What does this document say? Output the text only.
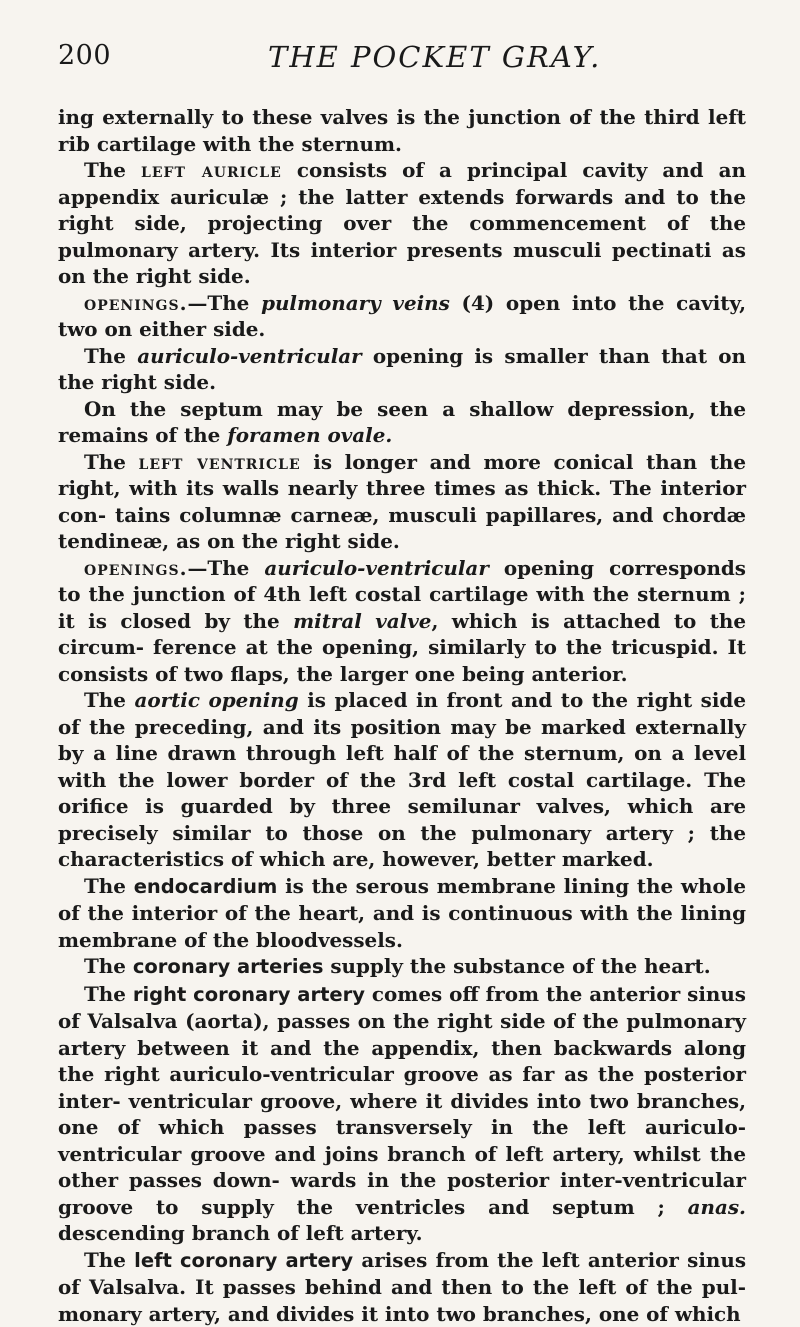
200	THE POCKET GRAY.

ing externally to these valves is the junction of the third left rib cartilage with the sternum.

The left auricle consists of a principal cavity and an appendix auriculæ ; the latter extends forwards and to the right side, projecting over the commencement of the pulmonary artery. Its interior presents musculi pectinati as on the right side.

openings.—The pulmonary veins (4) open into the cavity, two on either side.

The auriculo-ventricular opening is smaller than that on the right side.

On the septum may be seen a shallow depression, the remains of the foramen ovale.

The left ventricle is longer and more conical than the right, with its walls nearly three times as thick. The interior con- tains columnæ carneæ, musculi papillares, and chordæ tendineæ, as on the right side.

openings.—The auriculo-ventricular opening corresponds to the junction of 4th left costal cartilage with the sternum ; it is closed by the mitral valve, which is attached to the circum- ference at the opening, similarly to the tricuspid. It consists of two flaps, the larger one being anterior.

The aortic opening is placed in front and to the right side of the preceding, and its position may be marked externally by a line drawn through left half of the sternum, on a level with the lower border of the 3rd left costal cartilage. The orifice is guarded by three semilunar valves, which are precisely similar to those on the pulmonary artery ; the characteristics of which are, however, better marked.

The endocardium is the serous membrane lining the whole of the interior of the heart, and is continuous with the lining membrane of the bloodvessels.

The coronary arteries supply the substance of the heart.

The right coronary artery comes off from the anterior sinus of Valsalva (aorta), passes on the right side of the pulmonary artery between it and the appendix, then backwards along the right auriculo-ventricular groove as far as the posterior inter- ventricular groove, where it divides into two branches, one of which passes transversely in the left auriculo-ventricular groove and joins branch of left artery, whilst the other passes down- wards in the posterior inter-ventricular groove to supply the ventricles and septum ; anas. descending branch of left artery.

The left coronary artery arises from the left anterior sinus of Valsalva. It passes behind and then to the left of the pul- monary artery, and divides it into two branches, one of which
